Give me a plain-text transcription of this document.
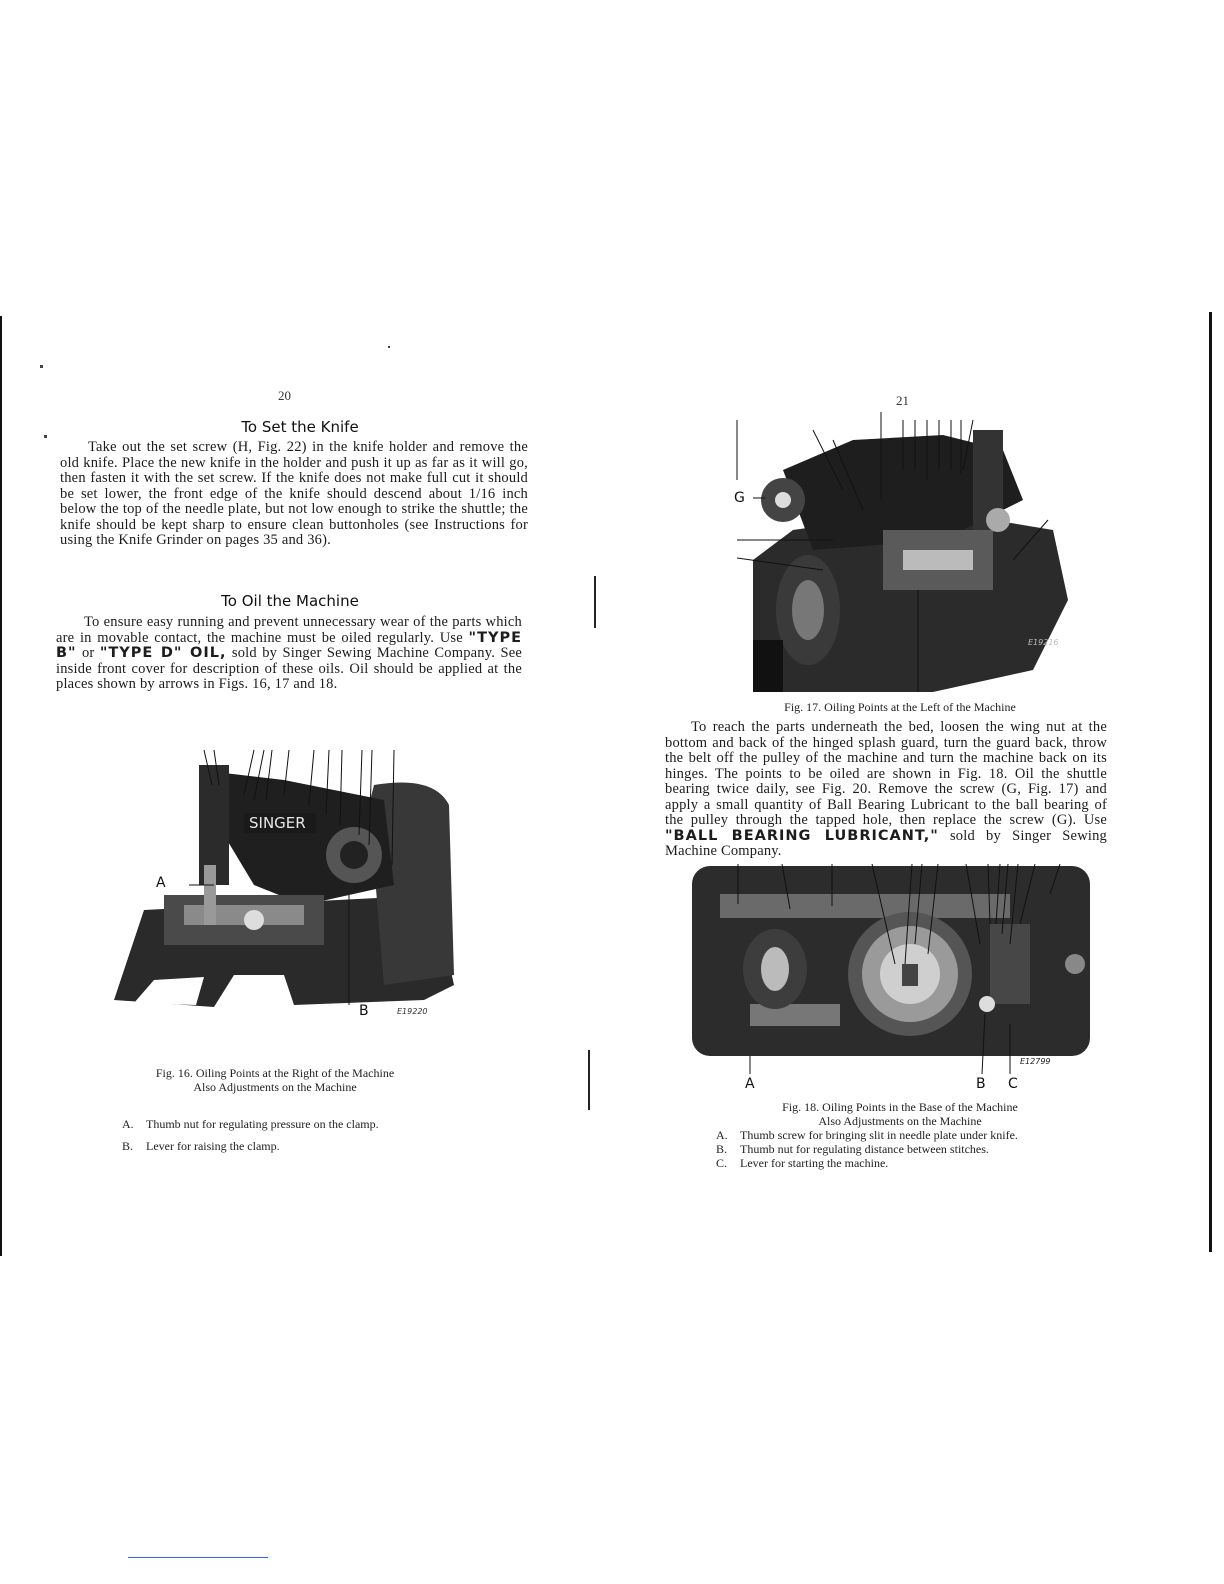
20
To Set the Knife
Take out the set screw (H, Fig. 22) in the knife holder and remove the old knife. Place the new knife in the holder and push it up as far as it will go, then fasten it with the set screw. If the knife does not make full cut it should be set lower, the front edge of the knife should descend about 1/16 inch below the top of the needle plate, but not low enough to strike the shuttle; the knife should be kept sharp to ensure clean buttonholes (see Instructions for using the Knife Grinder on pages 35 and 36).
To Oil the Machine
To ensure easy running and prevent unnecessary wear of the parts which are in movable contact, the machine must be oiled regularly. Use "TYPE B" or "TYPE D" OIL, sold by Singer Sewing Machine Company. See inside front cover for description of these oils. Oil should be applied at the places shown by arrows in Figs. 16, 17 and 18.
SINGER
A
B	E19220
Fig. 16. Oiling Points at the Right of the Machine
Also Adjustments on the Machine
A.	Thumb nut for regulating pressure on the clamp.
B.	Lever for raising the clamp.
21
G
E19216
Fig. 17. Oiling Points at the Left of the Machine
To reach the parts underneath the bed, loosen the wing nut at the bottom and back of the hinged splash guard, turn the guard back, throw the belt off the pulley of the machine and turn the machine back on its hinges. The points to be oiled are shown in Fig. 18. Oil the shuttle bearing twice daily, see Fig. 20. Remove the screw (G, Fig. 17) and apply a small quantity of Ball Bearing Lubricant to the ball bearing of the pulley through the tapped hole, then replace the screw (G). Use "BALL BEARING LUBRICANT," sold by Singer Sewing Machine Company.
E12799
A	B C
Fig. 18. Oiling Points in the Base of the Machine
Also Adjustments on the Machine
A.	Thumb screw for bringing slit in needle plate under knife.
B.	Thumb nut for regulating distance between stitches.
C.	Lever for starting the machine.
